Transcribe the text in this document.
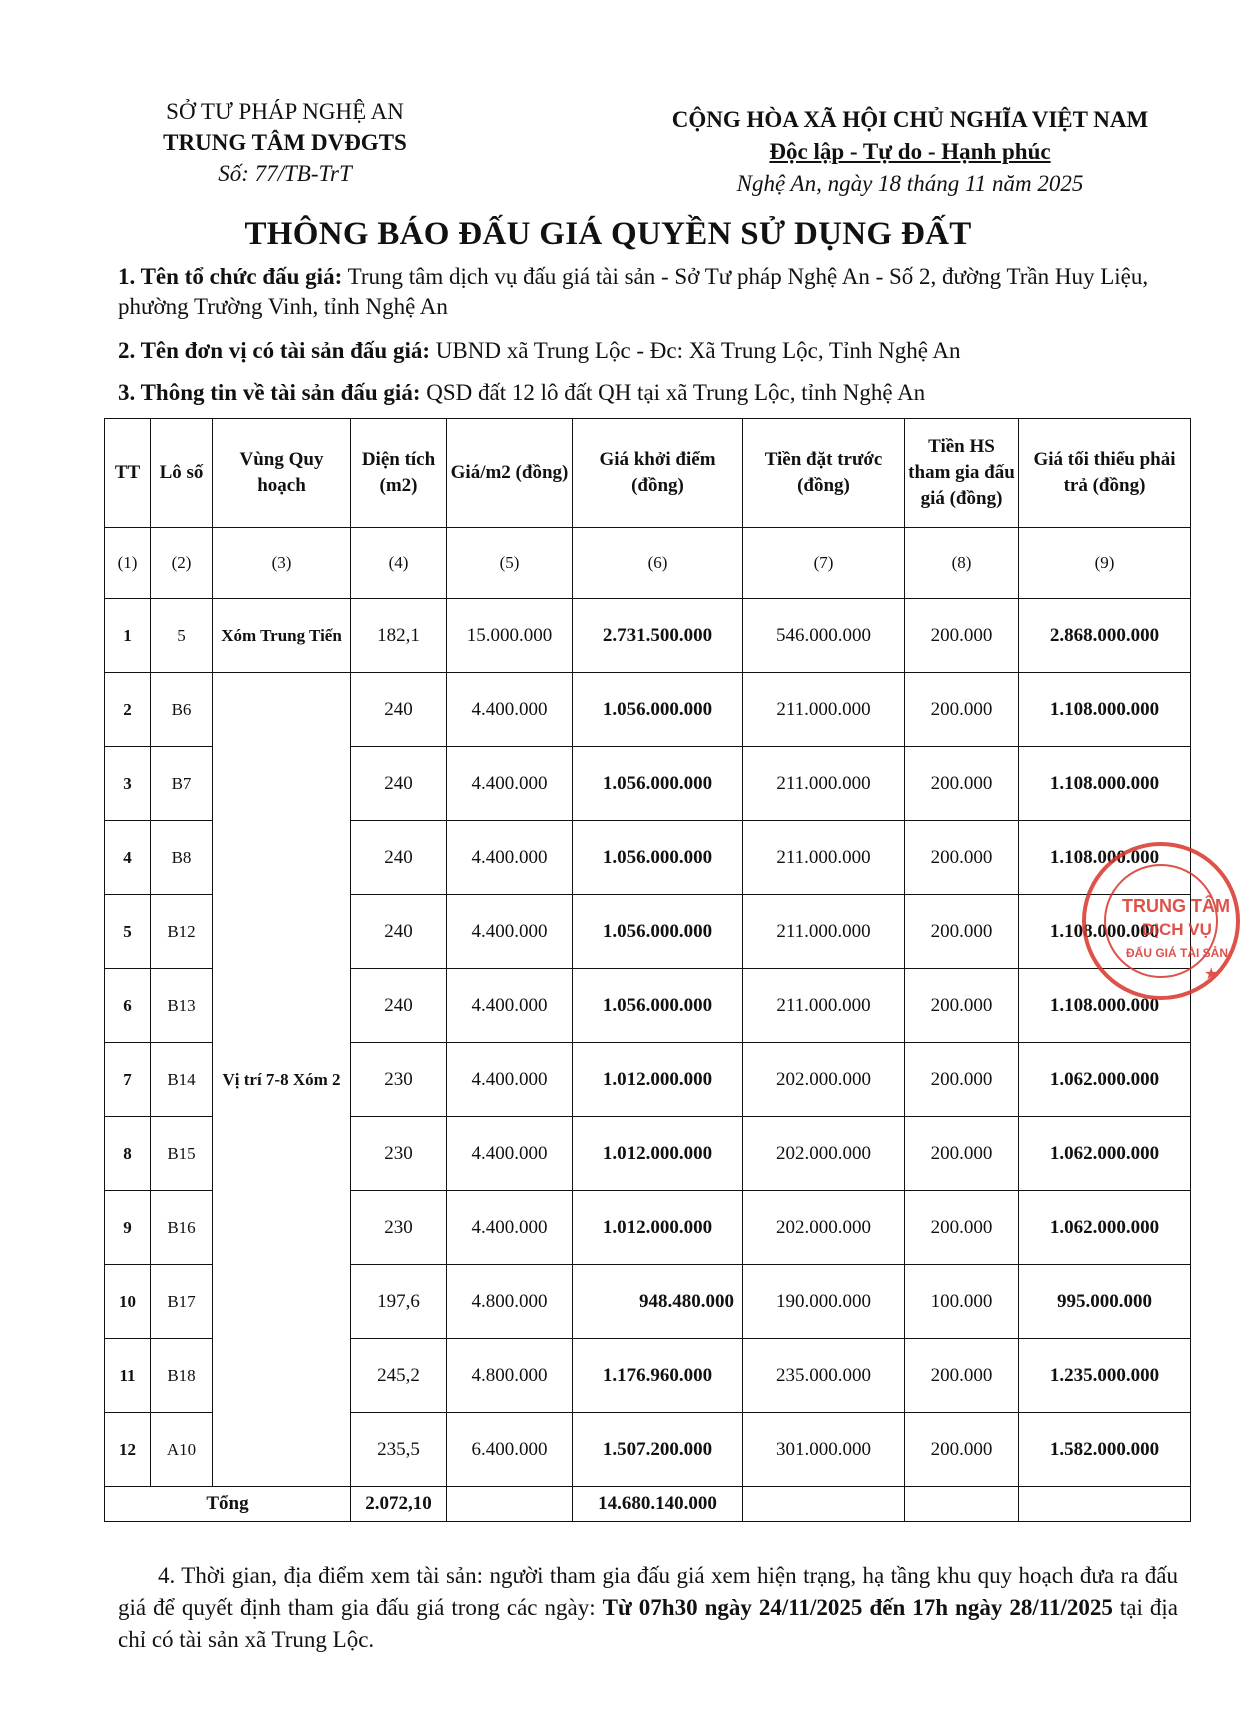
SỞ TƯ PHÁP NGHỆ AN
TRUNG TÂM DVĐGTS
Số: 77/TB-TrT
CỘNG HÒA XÃ HỘI CHỦ NGHĨA VIỆT NAM
Độc lập - Tự do - Hạnh phúc
Nghệ An, ngày 18 tháng 11 năm 2025
THÔNG BÁO ĐẤU GIÁ QUYỀN SỬ DỤNG ĐẤT
1. Tên tổ chức đấu giá: Trung tâm dịch vụ đấu giá tài sản - Sở Tư pháp Nghệ An - Số 2, đường Trần Huy Liệu, phường Trường Vinh, tỉnh Nghệ An
2. Tên đơn vị có tài sản đấu giá: UBND xã Trung Lộc - Đc: Xã Trung Lộc, Tỉnh Nghệ An
3. Thông tin về tài sản đấu giá: QSD đất 12 lô đất QH tại xã Trung Lộc, tỉnh Nghệ An
TT	Lô số	Vùng Quy hoạch	Diện tích (m2)	Giá/m2 (đồng)	Giá khởi điểm (đồng)	Tiền đặt trước (đồng)	Tiền HS tham gia đấu giá (đồng)	Giá tối thiểu phải trả (đồng)
(1)	(2)	(3)	(4)	(5)	(6)	(7)	(8)	(9)
1	5	Xóm Trung Tiến	182,1	15.000.000	2.731.500.000	546.000.000	200.000	2.868.000.000
2	B6	Vị trí 7-8 Xóm 2	240	4.400.000	1.056.000.000	211.000.000	200.000	1.108.000.000
3	B7		240	4.400.000	1.056.000.000	211.000.000	200.000	1.108.000.000
4	B8		240	4.400.000	1.056.000.000	211.000.000	200.000	1.108.000.000
5	B12		240	4.400.000	1.056.000.000	211.000.000	200.000	1.108.000.000
6	B13		240	4.400.000	1.056.000.000	211.000.000	200.000	1.108.000.000
7	B14		230	4.400.000	1.012.000.000	202.000.000	200.000	1.062.000.000
8	B15		230	4.400.000	1.012.000.000	202.000.000	200.000	1.062.000.000
9	B16		230	4.400.000	1.012.000.000	202.000.000	200.000	1.062.000.000
10	B17		197,6	4.800.000	948.480.000	190.000.000	100.000	995.000.000
11	B18		245,2	4.800.000	1.176.960.000	235.000.000	200.000	1.235.000.000
12	A10		235,5	6.400.000	1.507.200.000	301.000.000	200.000	1.582.000.000
Tổng			2.072,10		14.680.140.000			
TRUNG TÂM
DỊCH VỤ
ĐẤU GIÁ TÀI SẢN
★
4. Thời gian, địa điểm xem tài sản: người tham gia đấu giá xem hiện trạng, hạ tầng khu quy hoạch đưa ra đấu giá để quyết định tham gia đấu giá trong các ngày: Từ 07h30 ngày 24/11/2025 đến 17h ngày 28/11/2025 tại địa chỉ có tài sản xã Trung Lộc.
